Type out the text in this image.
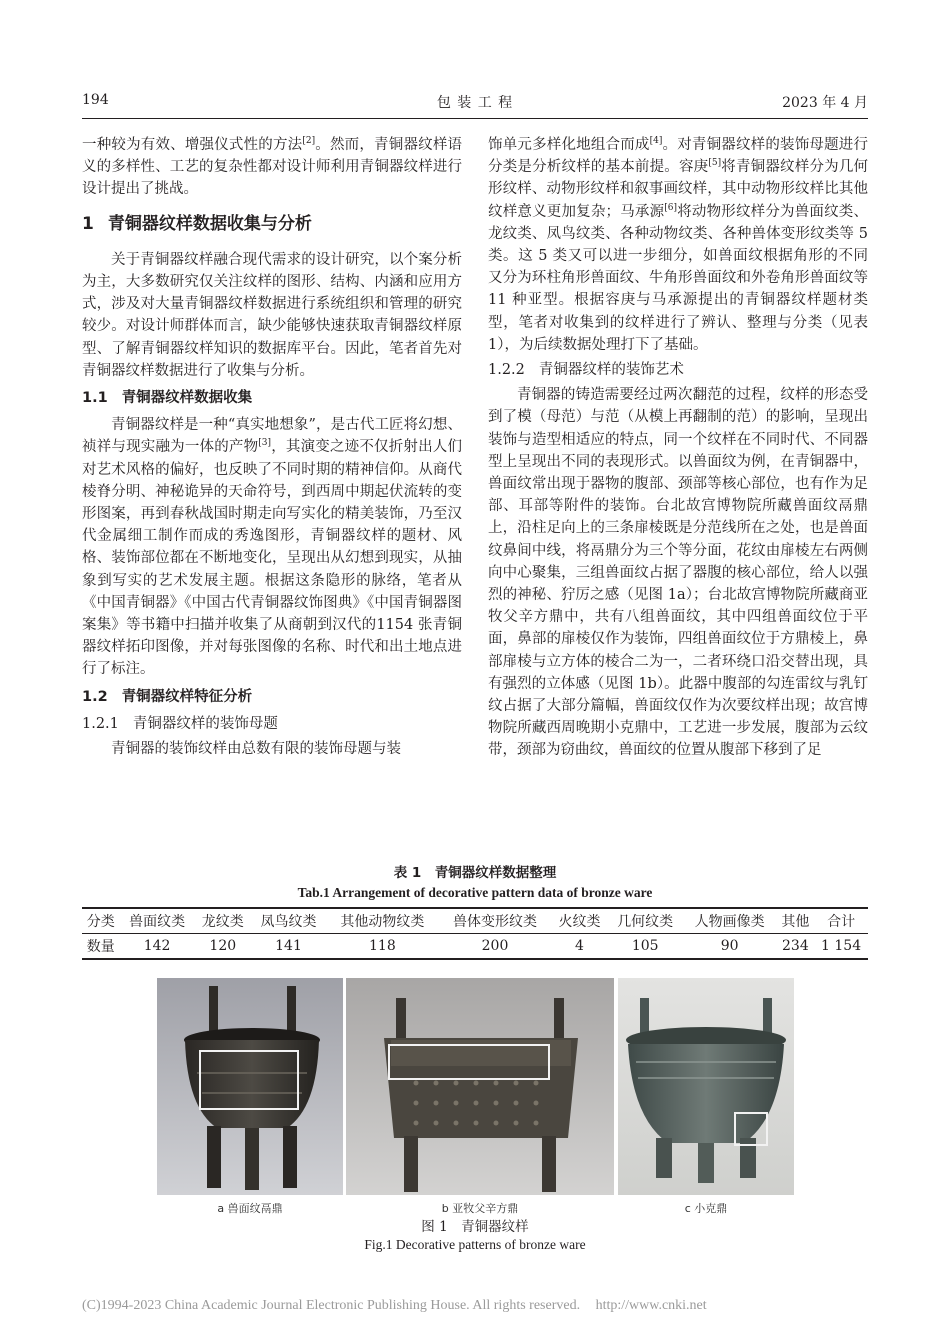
194	包 装 工 程	2023 年 4 月

一种较为有效、增强仪式性的方法[2]。然而，青铜器纹样语义的多样性、工艺的复杂性都对设计师利用青铜器纹样进行设计提出了挑战。

1 青铜器纹样数据收集与分析

关于青铜器纹样融合现代需求的设计研究，以个案分析为主，大多数研究仅关注纹样的图形、结构、内涵和应用方式，涉及对大量青铜器纹样数据进行系统组织和管理的研究较少。对设计师群体而言，缺少能够快速获取青铜器纹样原型、了解青铜器纹样知识的数据库平台。因此，笔者首先对青铜器纹样数据进行了收集与分析。

1.1 青铜器纹样数据收集

青铜器纹样是一种“真实地想象”，是古代工匠将幻想、祯祥与现实融为一体的产物[3]，其演变之迹不仅折射出人们对艺术风格的偏好，也反映了不同时期的精神信仰。从商代棱脊分明、神秘诡异的天命符号，到西周中期起伏流转的变形图案，再到春秋战国时期走向写实化的精美装饰，乃至汉代金属细工制作而成的秀逸图形，青铜器纹样的题材、风格、装饰部位都在不断地变化，呈现出从幻想到现实，从抽象到写实的艺术发展主题。根据这条隐形的脉络，笔者从《中国青铜器》《中国古代青铜器纹饰图典》《中国青铜器图案集》等书籍中扫描并收集了从商朝到汉代的1154 张青铜器纹样拓印图像，并对每张图像的名称、时代和出土地点进行了标注。

1.2 青铜器纹样特征分析

1.2.1 青铜器纹样的装饰母题

青铜器的装饰纹样由总数有限的装饰母题与装

饰单元多样化地组合而成[4]。对青铜器纹样的装饰母题进行分类是分析纹样的基本前提。容庚[5]将青铜器纹样分为几何形纹样、动物形纹样和叙事画纹样，其中动物形纹样比其他纹样意义更加复杂；马承源[6]将动物形纹样分为兽面纹类、龙纹类、凤鸟纹类、各种动物纹类、各种兽体变形纹类等 5 类。这 5 类又可以进一步细分，如兽面纹根据角形的不同又分为环柱角形兽面纹、牛角形兽面纹和外卷角形兽面纹等 11 种亚型。根据容庚与马承源提出的青铜器纹样题材类型，笔者对收集到的纹样进行了辨认、整理与分类（见表 1），为后续数据处理打下了基础。

1.2.2 青铜器纹样的装饰艺术

青铜器的铸造需要经过两次翻范的过程，纹样的形态受到了模（母范）与范（从模上再翻制的范）的影响，呈现出装饰与造型相适应的特点，同一个纹样在不同时代、不同器型上呈现出不同的表现形式。以兽面纹为例，在青铜器中，兽面纹常出现于器物的腹部、颈部等核心部位，也有作为足部、耳部等附件的装饰。台北故宫博物院所藏兽面纹鬲鼎上，沿柱足向上的三条扉棱既是分范线所在之处，也是兽面纹鼻间中线，将鬲鼎分为三个等分面，花纹由扉棱左右两侧向中心聚集，三组兽面纹占据了器腹的核心部位，给人以强烈的神秘、狞厉之感（见图 1a）；台北故宫博物院所藏商亚牧父辛方鼎中，共有八组兽面纹，其中四组兽面纹位于平面，鼻部的扉棱仅作为装饰，四组兽面纹位于方鼎棱上，鼻部扉棱与立方体的棱合二为一，二者环绕口沿交替出现，具有强烈的立体感（见图 1b）。此器中腹部的勾连雷纹与乳钉纹占据了大部分篇幅，兽面纹仅作为次要纹样出现；故宫博物院所藏西周晚期小克鼎中，工艺进一步发展，腹部为云纹带，颈部为窃曲纹，兽面纹的位置从腹部下移到了足

表 1　青铜器纹样数据整理
Tab.1 Arrangement of decorative pattern data of bronze ware
分类	兽面纹类	龙纹类	凤鸟纹类	其他动物纹类	兽体变形纹类	火纹类	几何纹类	人物画像类	其他	合计
数量	142	120	141	118	200	4	105	90	234	1 154
a 兽面纹鬲鼎	b 亚牧父辛方鼎	c 小克鼎
图 1　青铜器纹样
Fig.1 Decorative patterns of bronze ware
(C)1994-2023 China Academic Journal Electronic Publishing House. All rights reserved. http://www.cnki.net
